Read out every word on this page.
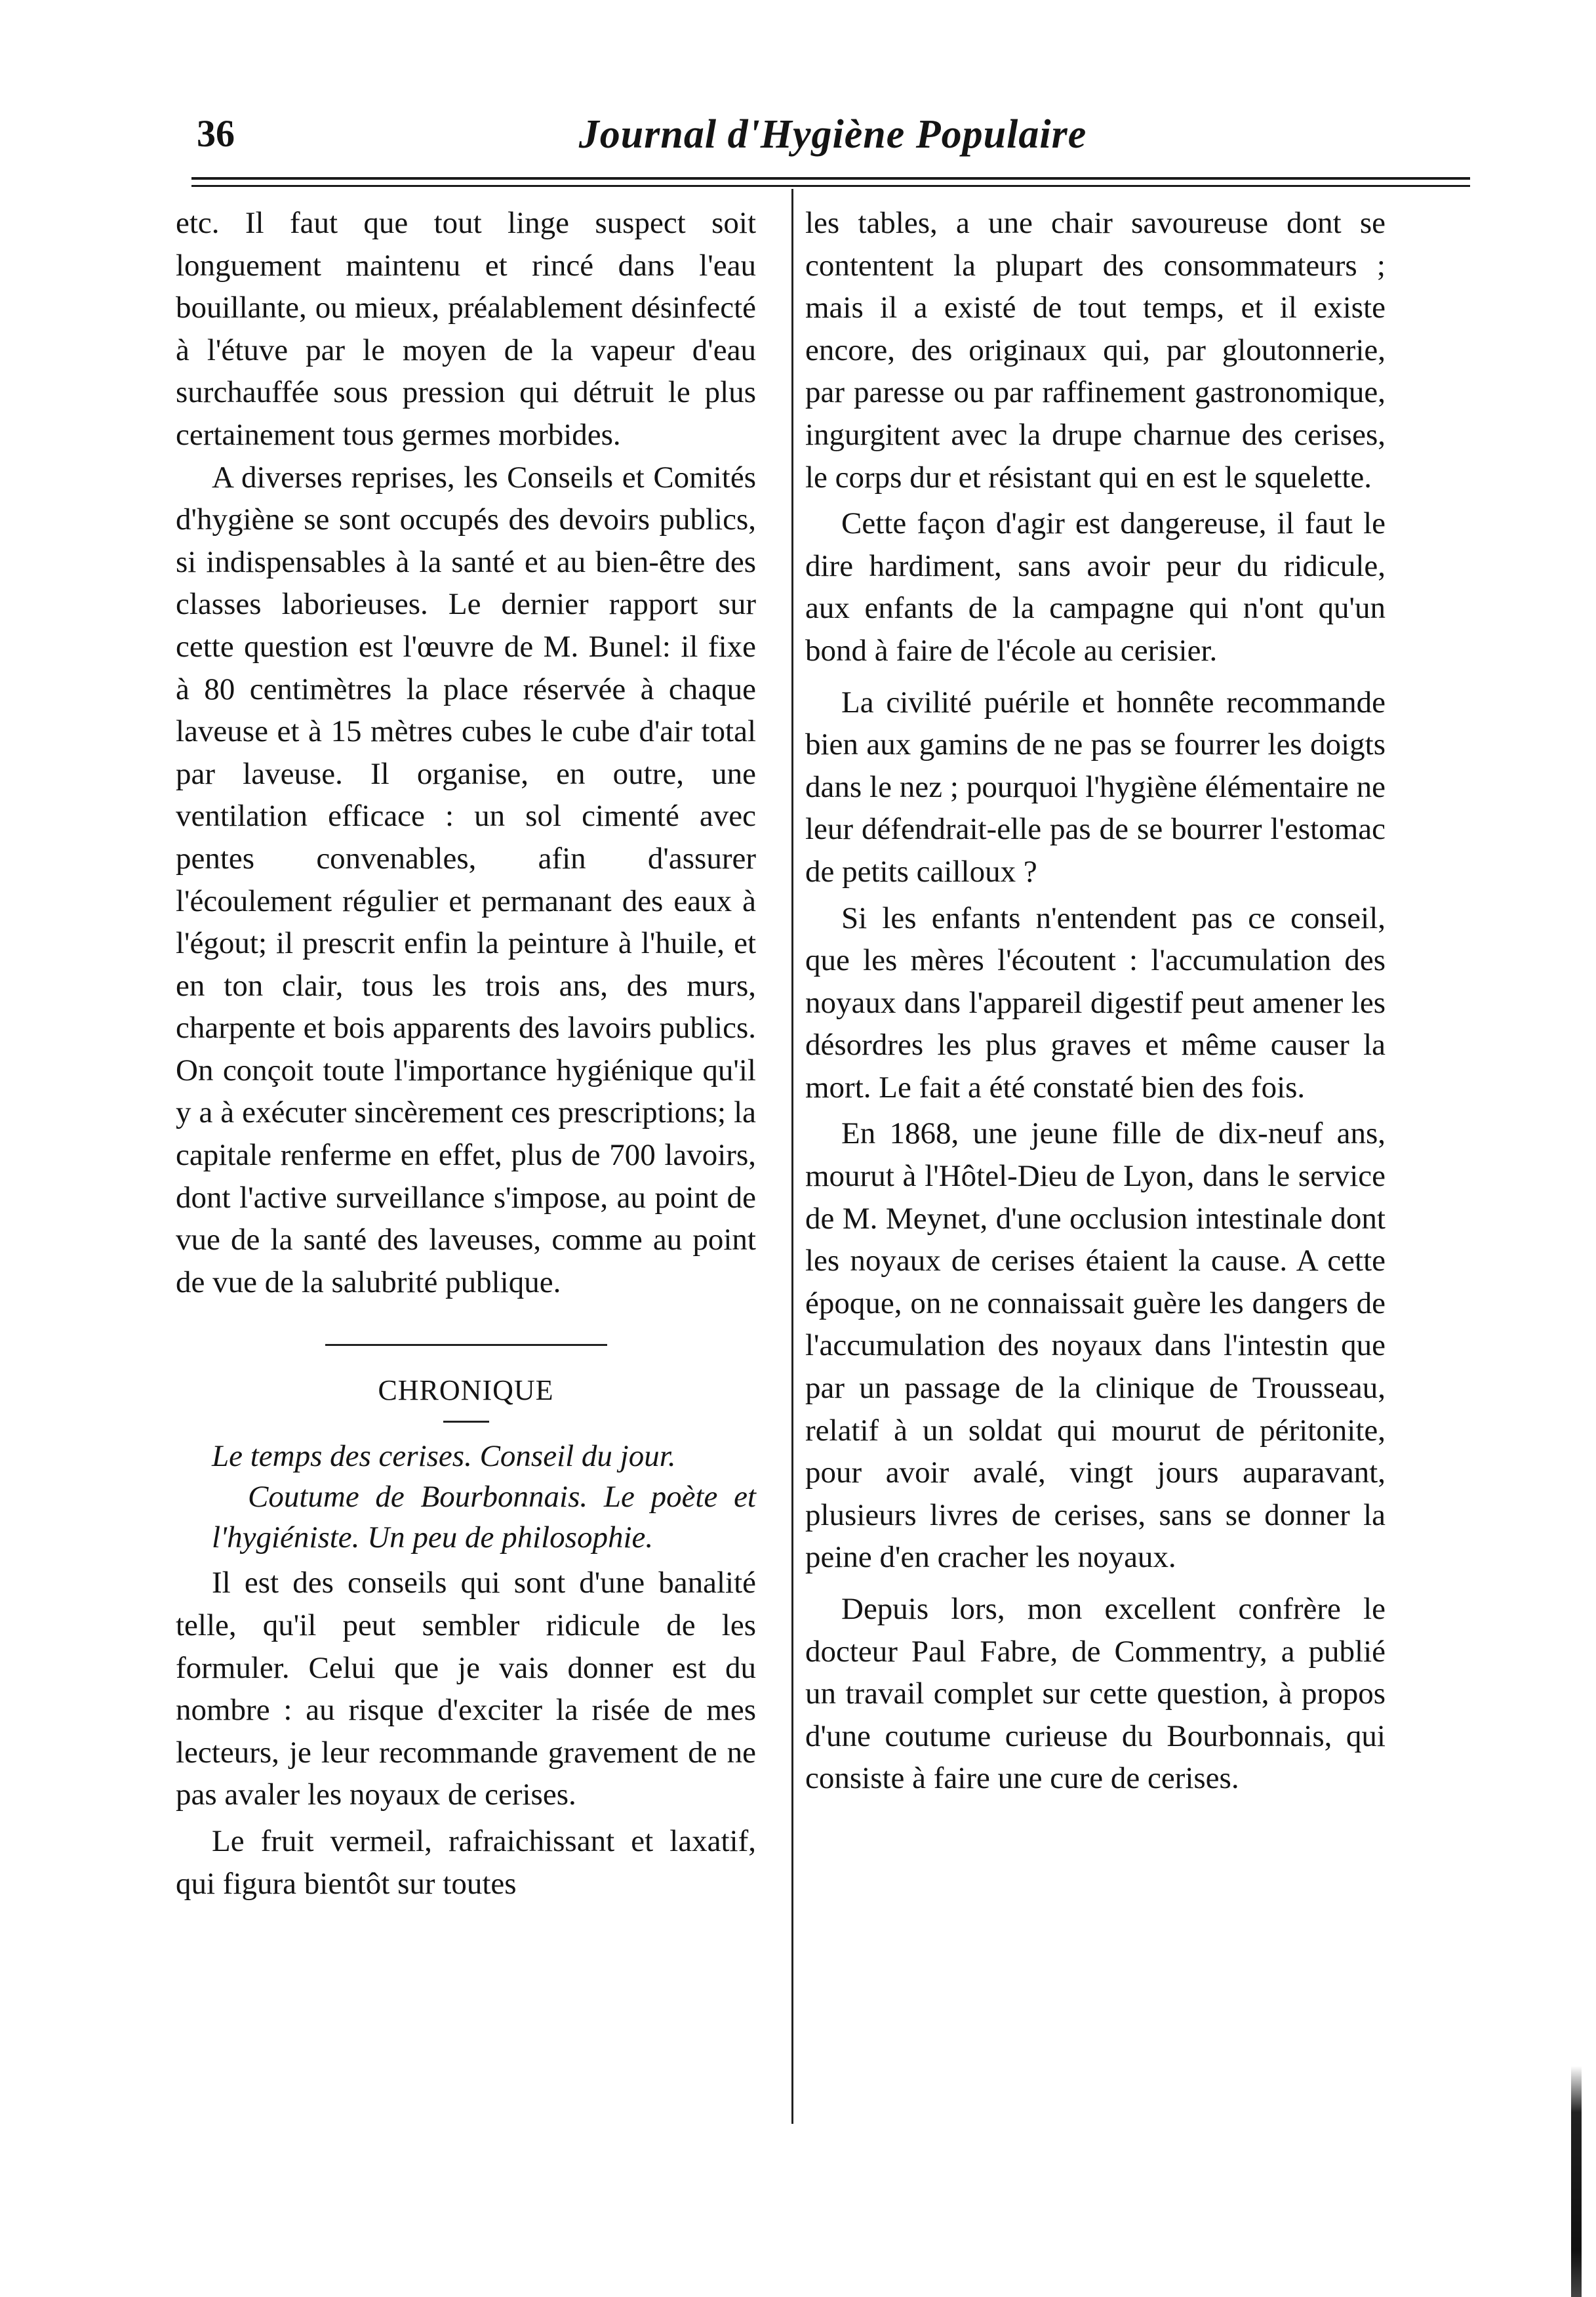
36	Journal d'Hygiène Populaire

etc. Il faut que tout linge suspect soit longuement maintenu et rincé dans l'eau bouillante, ou mieux, préalablement désinfecté à l'étuve par le moyen de la vapeur d'eau surchauffée sous pression qui détruit le plus certainement tous germes morbides.

A diverses reprises, les Conseils et Comités d'hygiène se sont occupés des devoirs publics, si indispensables à la santé et au bien-être des classes laborieuses. Le dernier rapport sur cette question est l'œuvre de M. Bunel: il fixe à 80 centimètres la place réservée à chaque laveuse et à 15 mètres cubes le cube d'air total par laveuse. Il organise, en outre, une ventilation efficace : un sol cimenté avec pentes convenables, afin d'assurer l'écoulement régulier et permanant des eaux à l'égout; il prescrit enfin la peinture à l'huile, et en ton clair, tous les trois ans, des murs, charpente et bois apparents des lavoirs publics. On conçoit toute l'importance hygiénique qu'il y a à exécuter sincèrement ces prescriptions; la capitale renferme en effet, plus de 700 lavoirs, dont l'active surveillance s'impose, au point de vue de la santé des laveuses, comme au point de vue de la salubrité publique.

CHRONIQUE

Le temps des cerises. Conseil du jour.
Coutume de Bourbonnais. Le poète et l'hygiéniste. Un peu de philosophie.

Il est des conseils qui sont d'une banalité telle, qu'il peut sembler ridicule de les formuler. Celui que je vais donner est du nombre : au risque d'exciter la risée de mes lecteurs, je leur recommande gravement de ne pas avaler les noyaux de cerises.

Le fruit vermeil, rafraichissant et laxatif, qui figura bientôt sur toutes

les tables, a une chair savoureuse dont se contentent la plupart des consommateurs ; mais il a existé de tout temps, et il existe encore, des originaux qui, par gloutonnerie, par paresse ou par raffinement gastronomique, ingurgitent avec la drupe charnue des cerises, le corps dur et résistant qui en est le squelette.

Cette façon d'agir est dangereuse, il faut le dire hardiment, sans avoir peur du ridicule, aux enfants de la campagne qui n'ont qu'un bond à faire de l'école au cerisier.

La civilité puérile et honnête recommande bien aux gamins de ne pas se fourrer les doigts dans le nez ; pourquoi l'hygiène élémentaire ne leur défendrait-elle pas de se bourrer l'estomac de petits cailloux ?

Si les enfants n'entendent pas ce conseil, que les mères l'écoutent : l'accumulation des noyaux dans l'appareil digestif peut amener les désordres les plus graves et même causer la mort. Le fait a été constaté bien des fois.

En 1868, une jeune fille de dix-neuf ans, mourut à l'Hôtel-Dieu de Lyon, dans le service de M. Meynet, d'une occlusion intestinale dont les noyaux de cerises étaient la cause. A cette époque, on ne connaissait guère les dangers de l'accumulation des noyaux dans l'intestin que par un passage de la clinique de Trousseau, relatif à un soldat qui mourut de péritonite, pour avoir avalé, vingt jours auparavant, plusieurs livres de cerises, sans se donner la peine d'en cracher les noyaux.

Depuis lors, mon excellent confrère le docteur Paul Fabre, de Commentry, a publié un travail complet sur cette question, à propos d'une coutume curieuse du Bourbonnais, qui consiste à faire une cure de cerises.
